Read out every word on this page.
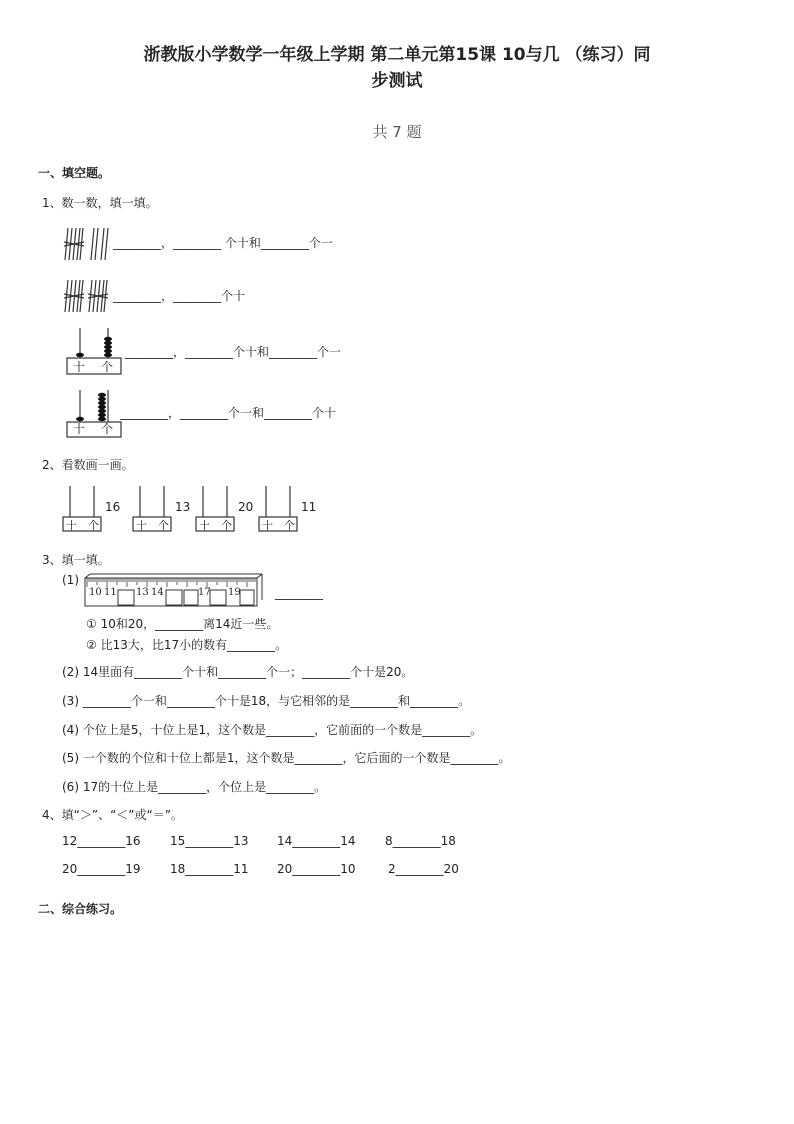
浙教版小学数学一年级上学期 第二单元第15课 10与几 （练习）同
步测试
共 7 题
一、填空题。
1、数一数，填一填。
________，________ 个十和________个一
________，________个十
十 个
________，________个十和________个一
十 个
________，________个一和________个十
2、看数画一画。
十 个
16
十 个
13
十 个
20
十 个
11
3、填一填。
(1)
10 11 13 14	17 19	________
① 10和20，________离14近一些。
② 比13大，比17小的数有________。
(2) 14里面有________个十和________个一；________个十是20。
(3) ________个一和________个十是18，与它相邻的是________和________。
(4) 个位上是5，十位上是1，这个数是________，它前面的一个数是________。
(5) 一个数的个位和十位上都是1，这个数是________，它后面的一个数是________。
(6) 17的十位上是________，个位上是________。
4、填“＞”、“＜”或“＝”。
12________16 15________13 14________14 8________18
20________19 18________11 20________10	2________20
二、综合练习。
